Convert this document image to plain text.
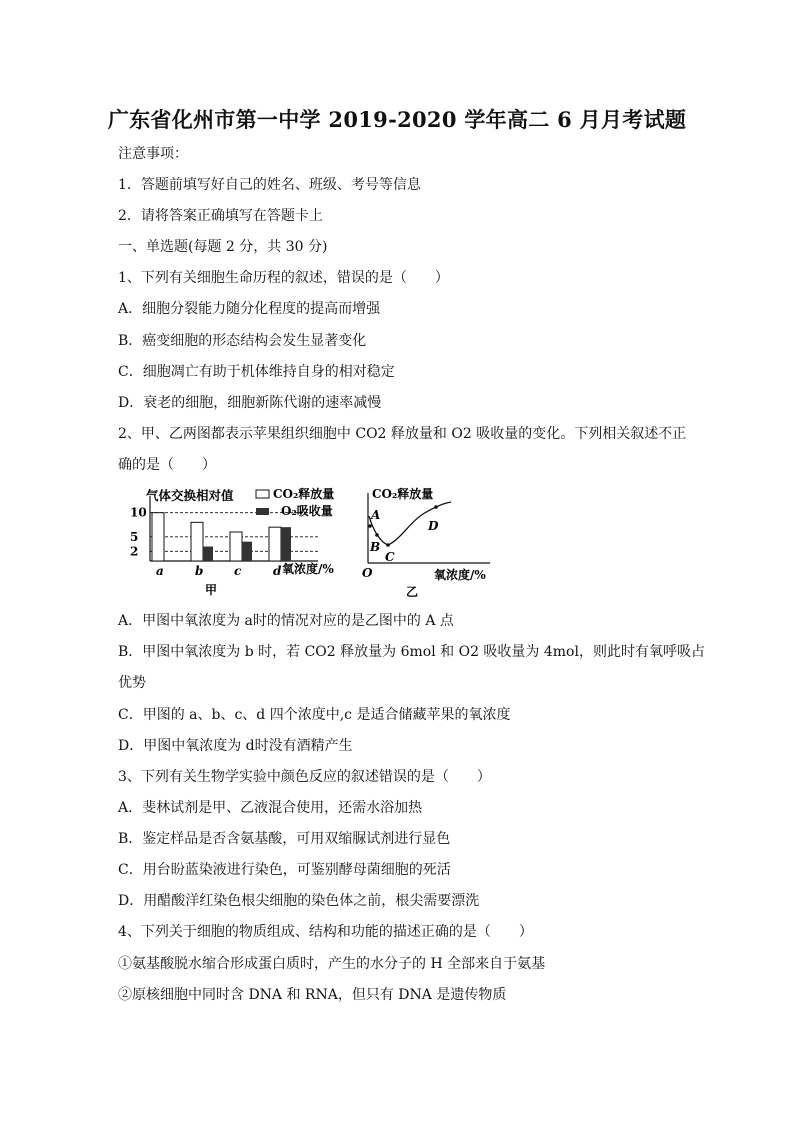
广东省化州市第一中学 2019-2020 学年高二 6 月月考试题
注意事项：
1．答题前填写好自己的姓名、班级、考号等信息
2．请将答案正确填写在答题卡上
一、单选题(每题 2 分，共 30 分)
1、下列有关细胞生命历程的叙述，错误的是（　　）
A．细胞分裂能力随分化程度的提高而增强
B．癌变细胞的形态结构会发生显著变化
C．细胞凋亡有助于机体维持自身的相对稳定
D．衰老的细胞，细胞新陈代谢的速率减慢
2、甲、乙两图都表示苹果组织细胞中 CO2 释放量和 O2 吸收量的变化。下列相关叙述不正
确的是（　　）
气体交换相对值
10
5
2
a	b	c	d
CO₂释放量
O₂吸收量
氧浓度/%
甲
CO₂释放量
A
B
C
D
O	氧浓度/%
乙
A．甲图中氧浓度为 a时的情况对应的是乙图中的 A 点
B．甲图中氧浓度为 b 时，若 CO2 释放量为 6mol 和 O2 吸收量为 4mol，则此时有氧呼吸占
优势
C．甲图的 a、b、c、d 四个浓度中,c 是适合储藏苹果的氧浓度
D．甲图中氧浓度为 d时没有酒精产生
3、下列有关生物学实验中颜色反应的叙述错误的是（　　）
A．斐林试剂是甲、乙液混合使用，还需水浴加热
B．鉴定样品是否含氨基酸，可用双缩脲试剂进行显色
C．用台盼蓝染液进行染色，可鉴别酵母菌细胞的死活
D．用醋酸洋红染色根尖细胞的染色体之前，根尖需要漂洗
4、下列关于细胞的物质组成、结构和功能的描述正确的是（　　）
①氨基酸脱水缩合形成蛋白质时，产生的水分子的 H 全部来自于氨基
②原核细胞中同时含 DNA 和 RNA，但只有 DNA 是遗传物质
